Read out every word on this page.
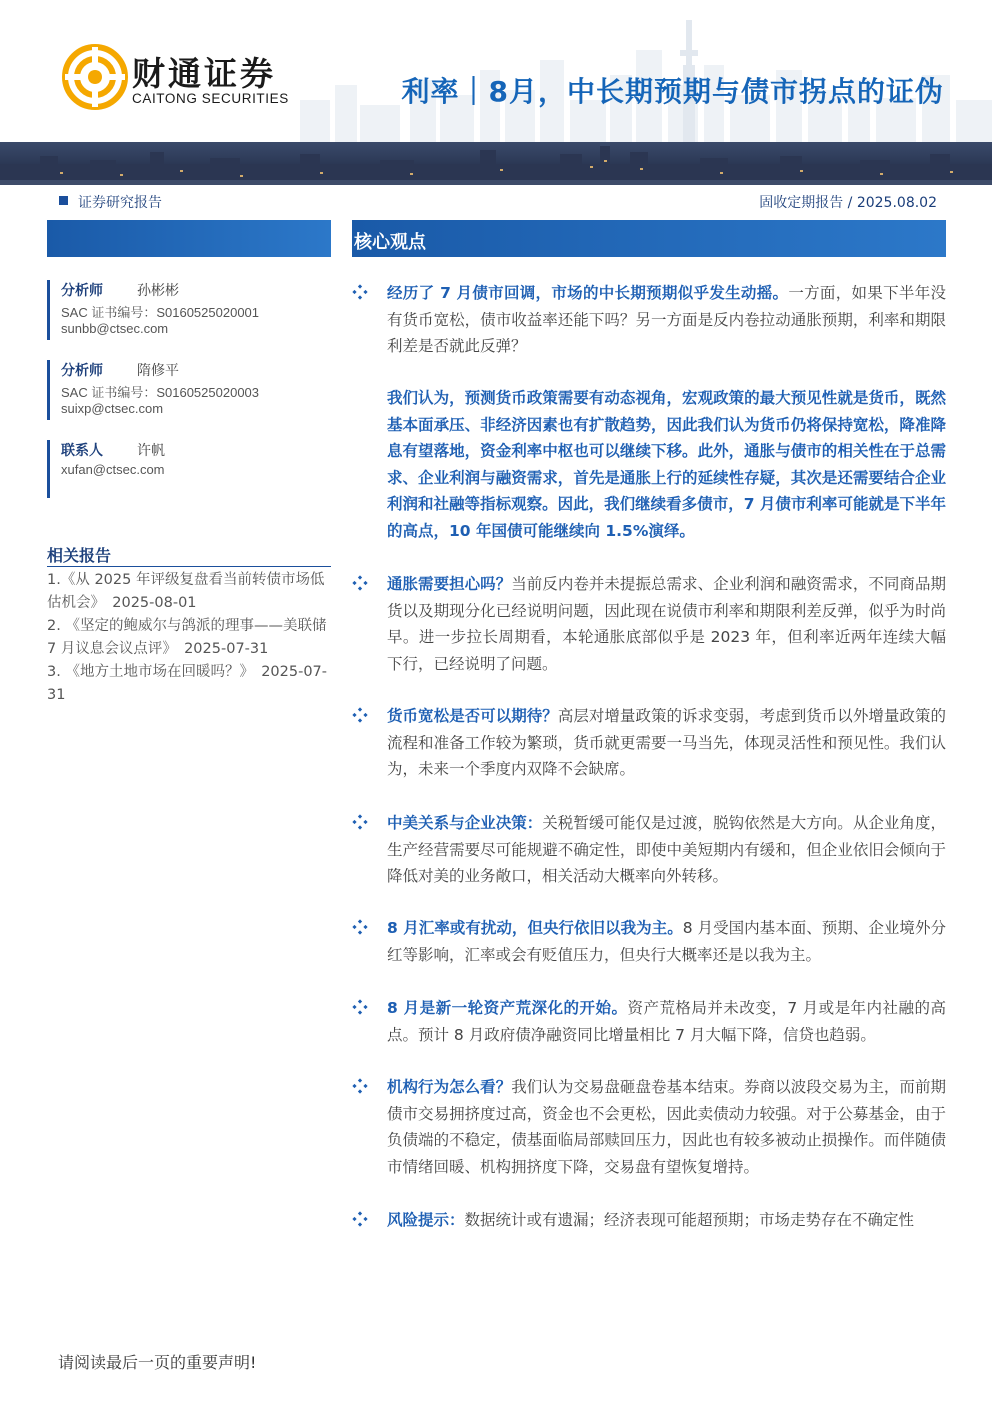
财通证券
CAITONG SECURITIES	利率｜8月，中长期预期与债市拐点的证伪
证券研究报告	固收定期报告 / 2025.08.02
分析师 孙彬彬
SAC 证书编号：S0160525020001
sunbb@ctsec.com
分析师 隋修平
SAC 证书编号：S0160525020003
suixp@ctsec.com
联系人 许帆
xufan@ctsec.com
相关报告
1.《从 2025 年评级复盘看当前转债市场低估机会》　2025-08-01
2. 《坚定的鲍威尔与鸽派的理事——美联储 7 月议息会议点评》　2025-07-31
3. 《地方土地市场在回暖吗？》　2025-07-31
核心观点
经历了 7 月债市回调，市场的中长期预期似乎发生动摇。一方面，如果下半年没有货币宽松，债市收益率还能下吗？另一方面是反内卷拉动通胀预期，利率和期限利差是否就此反弹？
我们认为，预测货币政策需要有动态视角，宏观政策的最大预见性就是货币，既然基本面承压、非经济因素也有扩散趋势，因此我们认为货币仍将保持宽松，降准降息有望落地，资金利率中枢也可以继续下移。此外，通胀与债市的相关性在于总需求、企业利润与融资需求，首先是通胀上行的延续性存疑，其次是还需要结合企业利润和社融等指标观察。因此，我们继续看多债市，7 月债市利率可能就是下半年的高点，10 年国债可能继续向 1.5%演绎。
通胀需要担心吗？当前反内卷并未提振总需求、企业利润和融资需求，不同商品期货以及期现分化已经说明问题，因此现在说债市利率和期限利差反弹，似乎为时尚早。进一步拉长周期看，本轮通胀底部似乎是 2023 年，但利率近两年连续大幅下行，已经说明了问题。
货币宽松是否可以期待？高层对增量政策的诉求变弱，考虑到货币以外增量政策的流程和准备工作较为繁琐，货币就更需要一马当先，体现灵活性和预见性。我们认为，未来一个季度内双降不会缺席。
中美关系与企业决策：关税暂缓可能仅是过渡，脱钩依然是大方向。从企业角度，生产经营需要尽可能规避不确定性，即使中美短期内有缓和，但企业依旧会倾向于降低对美的业务敞口，相关活动大概率向外转移。
8 月汇率或有扰动，但央行依旧以我为主。8 月受国内基本面、预期、企业境外分红等影响，汇率或会有贬值压力，但央行大概率还是以我为主。
8 月是新一轮资产荒深化的开始。资产荒格局并未改变，7 月或是年内社融的高点。预计 8 月政府债净融资同比增量相比 7 月大幅下降，信贷也趋弱。
机构行为怎么看？我们认为交易盘砸盘卷基本结束。券商以波段交易为主，而前期债市交易拥挤度过高，资金也不会更松，因此卖债动力较强。对于公募基金，由于负债端的不稳定，债基面临局部赎回压力，因此也有较多被动止损操作。而伴随债市情绪回暖、机构拥挤度下降，交易盘有望恢复增持。
风险提示：数据统计或有遗漏；经济表现可能超预期；市场走势存在不确定性
请阅读最后一页的重要声明!
